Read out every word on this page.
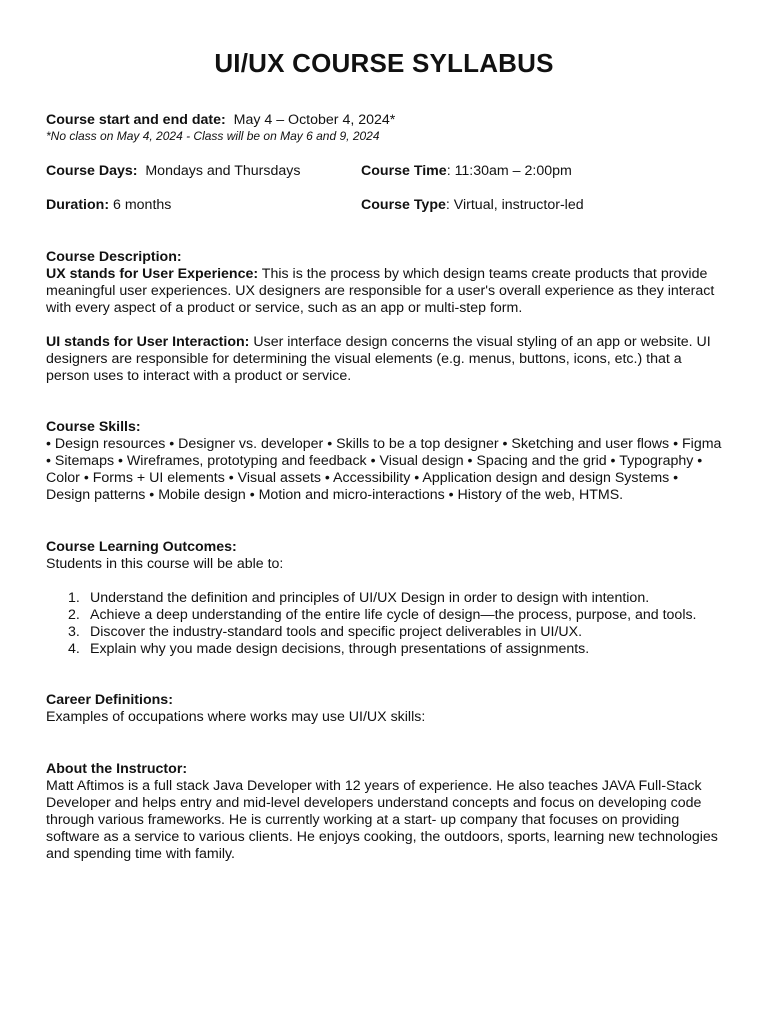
UI/UX COURSE SYLLABUS

Course start and end date: May 4 – October 4, 2024*

*No class on May 4, 2024 - Class will be on May 6 and 9, 2024

Course Days: Mondays and Thursdays	Course Time: 11:30am – 2:00pm
Duration: 6 months	Course Type: Virtual, instructor-led

Course Description:

UX stands for User Experience: This is the process by which design teams create products that provide meaningful user experiences. UX designers are responsible for a user's overall experience as they interact with every aspect of a product or service, such as an app or multi-step form.

UI stands for User Interaction: User interface design concerns the visual styling of an app or website. UI designers are responsible for determining the visual elements (e.g. menus, buttons, icons, etc.) that a person uses to interact with a product or service.

Course Skills:

• Design resources • Designer vs. developer • Skills to be a top designer • Sketching and user flows • Figma • Sitemaps • Wireframes, prototyping and feedback • Visual design • Spacing and the grid • Typography • Color • Forms + UI elements • Visual assets • Accessibility • Application design and design Systems • Design patterns • Mobile design • Motion and micro-interactions • History of the web, HTMS.

Course Learning Outcomes:

Students in this course will be able to:

1. Understand the definition and principles of UI/UX Design in order to design with intention.
2. Achieve a deep understanding of the entire life cycle of design—the process, purpose, and tools.
3. Discover the industry-standard tools and specific project deliverables in UI/UX.
4. Explain why you made design decisions, through presentations of assignments.

Career Definitions:

Examples of occupations where works may use UI/UX skills:

About the Instructor:

Matt Aftimos is a full stack Java Developer with 12 years of experience. He also teaches JAVA Full-Stack Developer and helps entry and mid-level developers understand concepts and focus on developing code through various frameworks. He is currently working at a start- up company that focuses on providing software as a service to various clients. He enjoys cooking, the outdoors, sports, learning new technologies and spending time with family.
